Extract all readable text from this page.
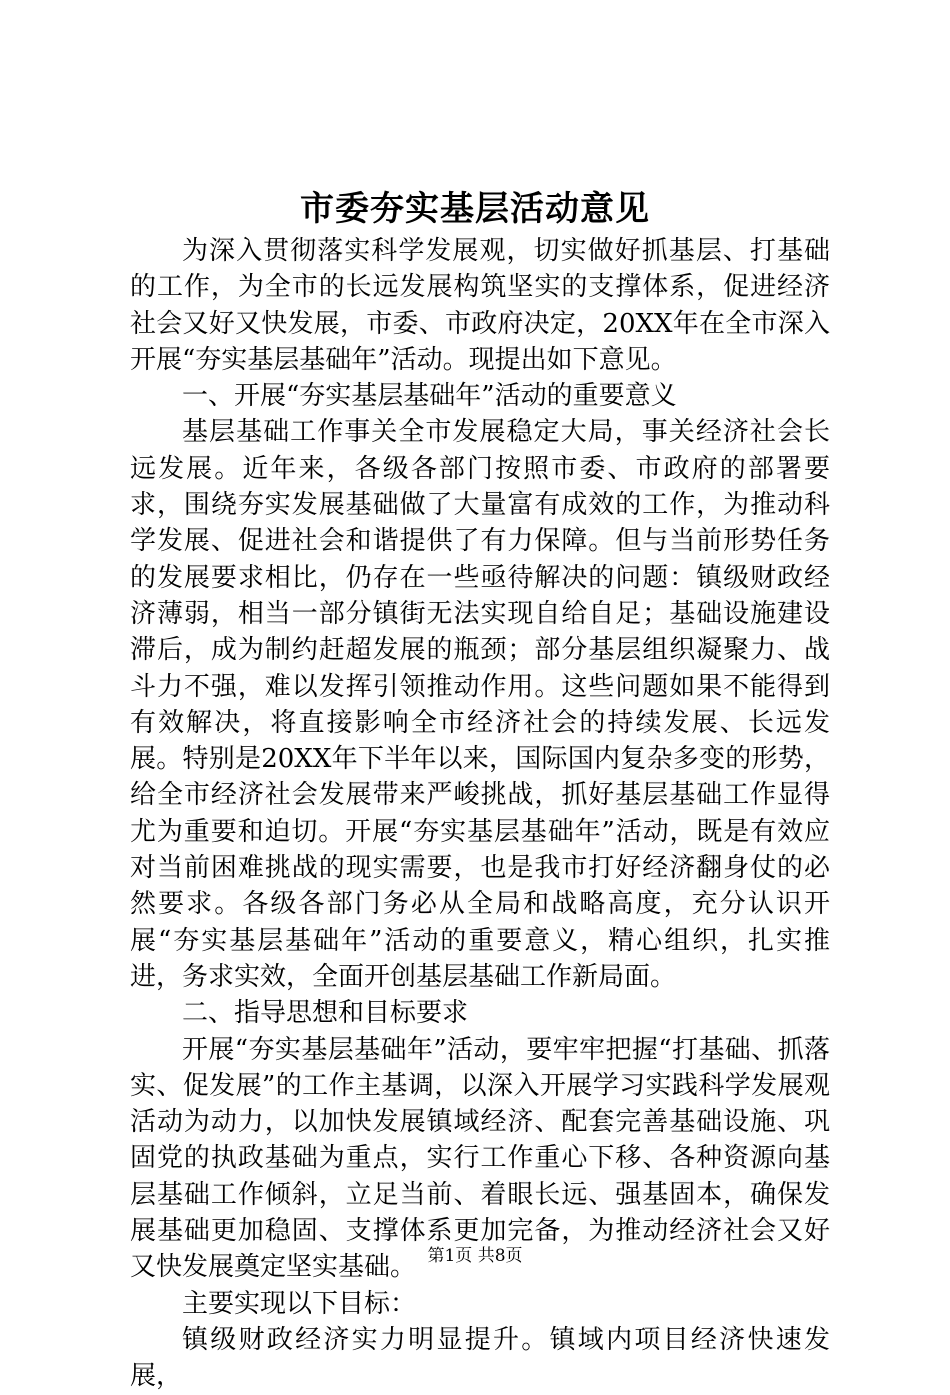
市委夯实基层活动意见

为深入贯彻落实科学发展观，切实做好抓基层、打基础的工作，为全市的长远发展构筑坚实的支撑体系，促进经济社会又好又快发展，市委、市政府决定，20XX年在全市深入开展“夯实基层基础年”活动。现提出如下意见。

一、开展“夯实基层基础年”活动的重要意义

基层基础工作事关全市发展稳定大局，事关经济社会长远发展。近年来，各级各部门按照市委、市政府的部署要求，围绕夯实发展基础做了大量富有成效的工作，为推动科学发展、促进社会和谐提供了有力保障。但与当前形势任务的发展要求相比，仍存在一些亟待解决的问题：镇级财政经济薄弱，相当一部分镇街无法实现自给自足；基础设施建设滞后，成为制约赶超发展的瓶颈；部分基层组织凝聚力、战斗力不强，难以发挥引领推动作用。这些问题如果不能得到有效解决，将直接影响全市经济社会的持续发展、长远发展。特别是20XX年下半年以来，国际国内复杂多变的形势，给全市经济社会发展带来严峻挑战，抓好基层基础工作显得尤为重要和迫切。开展“夯实基层基础年”活动，既是有效应对当前困难挑战的现实需要，也是我市打好经济翻身仗的必然要求。各级各部门务必从全局和战略高度，充分认识开展“夯实基层基础年”活动的重要意义，精心组织，扎实推进，务求实效，全面开创基层基础工作新局面。

二、指导思想和目标要求

开展“夯实基层基础年”活动，要牢牢把握“打基础、抓落实、促发展”的工作主基调，以深入开展学习实践科学发展观活动为动力，以加快发展镇域经济、配套完善基础设施、巩固党的执政基础为重点，实行工作重心下移、各种资源向基层基础工作倾斜，立足当前、着眼长远、强基固本，确保发展基础更加稳固、支撑体系更加完备，为推动经济社会又好又快发展奠定坚实基础。

主要实现以下目标：

镇级财政经济实力明显提升。镇域内项目经济快速发展，

第1页 共8页
